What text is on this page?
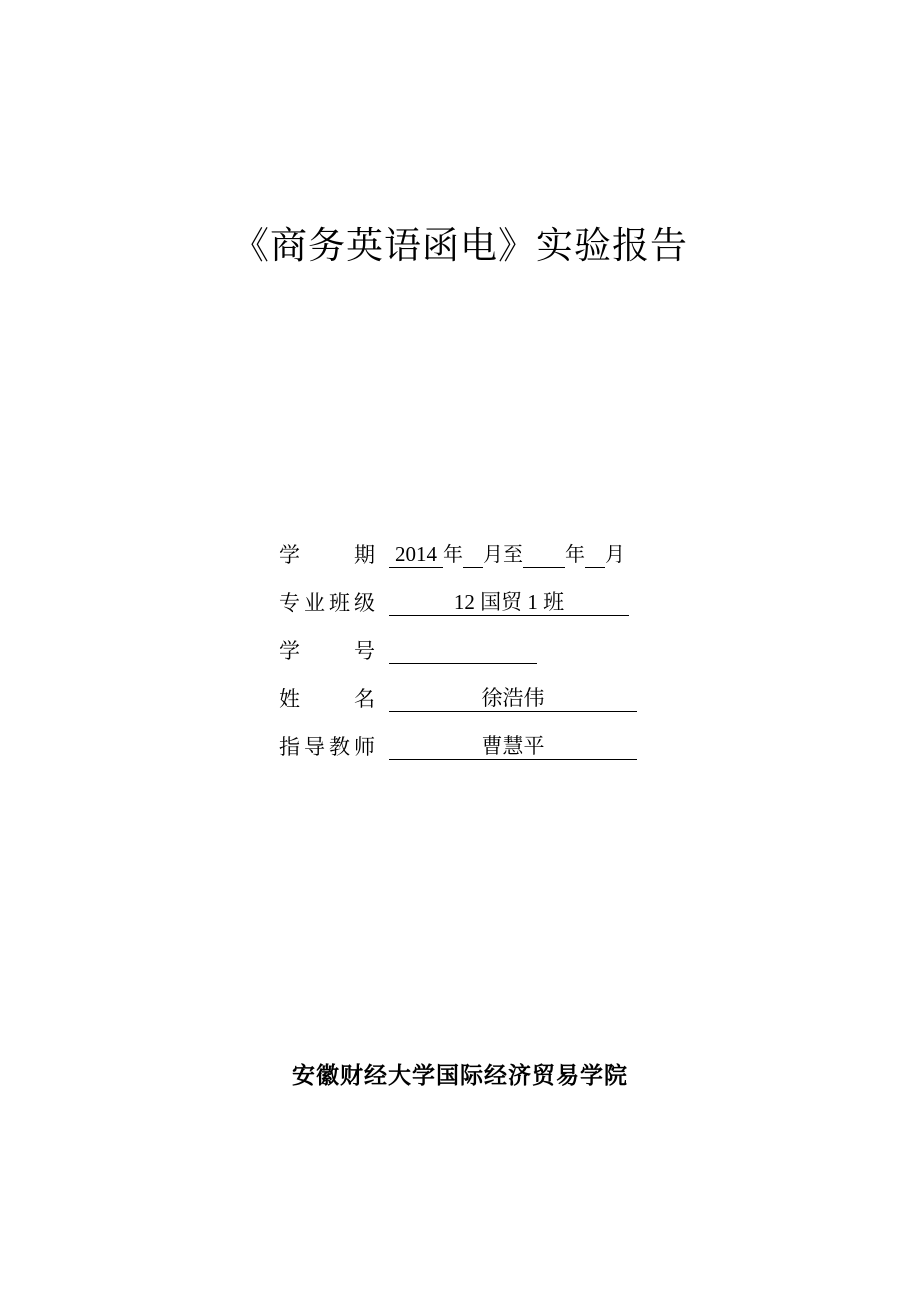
《商务英语函电》实验报告
学	期 2014 年 月 至 年 月
专 业 班 级	12 国贸 1 班
学	号
姓	名	徐浩伟
指 导 教 师	曹慧平
安徽财经大学国际经济贸易学院
